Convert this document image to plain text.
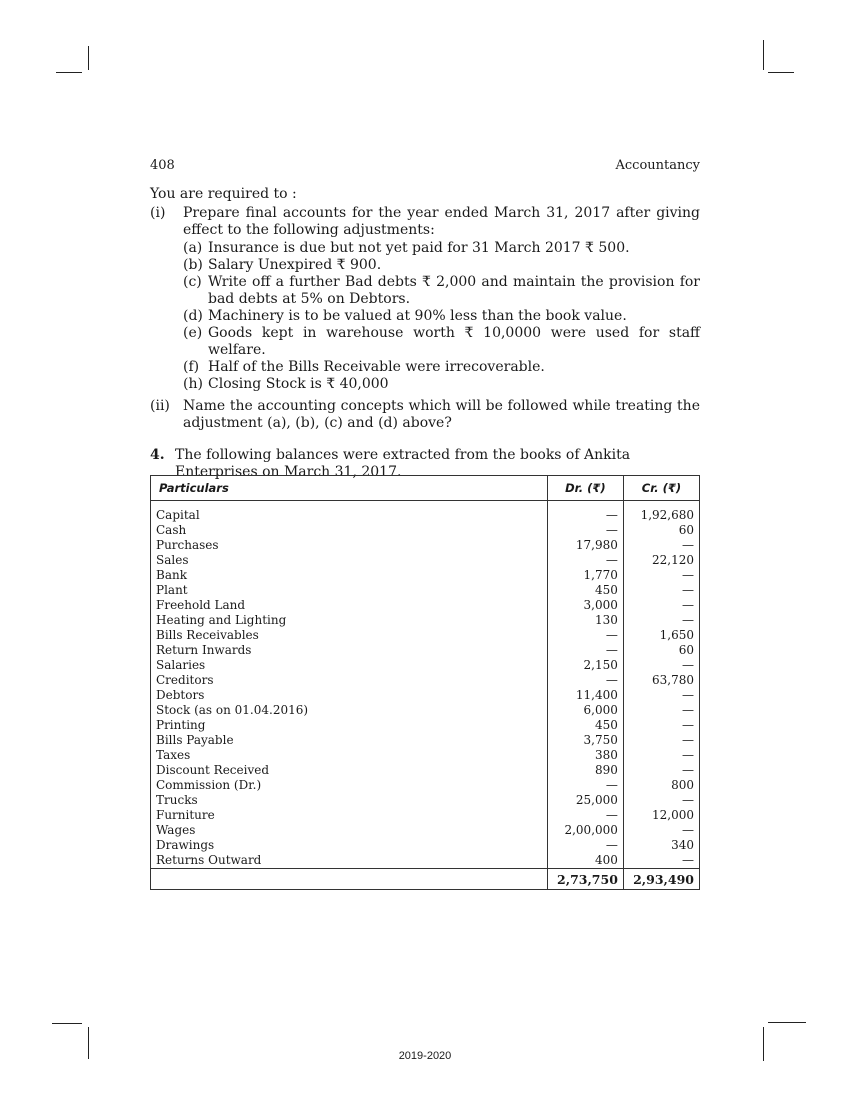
408	Accountancy

You are required to :

(i) Prepare final accounts for the year ended March 31, 2017 after giving effect to the following adjustments:
(a) Insurance is due but not yet paid for 31 March 2017 ₹ 500.
(b) Salary Unexpired ₹ 900.
(c) Write off a further Bad debts ₹ 2,000 and maintain the provision for bad debts at 5% on Debtors.
(d) Machinery is to be valued at 90% less than the book value.
(e) Goods kept in warehouse worth ₹ 10,0000 were used for staff welfare.
(f) Half of the Bills Receivable were irrecoverable.
(h) Closing Stock is ₹ 40,000
(ii) Name the accounting concepts which will be followed while treating the adjustment (a), (b), (c) and (d) above?
4. The following balances were extracted from the books of Ankita Enterprises on March 31, 2017.
Particulars	Dr. (₹)	Cr. (₹)

Capital	—	1,92,680
Cash	—	60
Purchases	17,980	—
Sales	—	22,120
Bank	1,770	—
Plant	450	—
Freehold Land	3,000	—
Heating and Lighting	130	—
Bills Receivables	—	1,650
Return Inwards	—	60
Salaries	2,150	—
Creditors	—	63,780
Debtors	11,400	—
Stock (as on 01.04.2016)	6,000	—
Printing	450	—
Bills Payable	3,750	—
Taxes	380	—
Discount Received	890	—
Commission (Dr.)	—	800
Trucks	25,000	—
Furniture	—	12,000
Wages	2,00,000	—
Drawings	—	340
Returns Outward	400	—
	2,73,750	2,93,490
2019-2020
